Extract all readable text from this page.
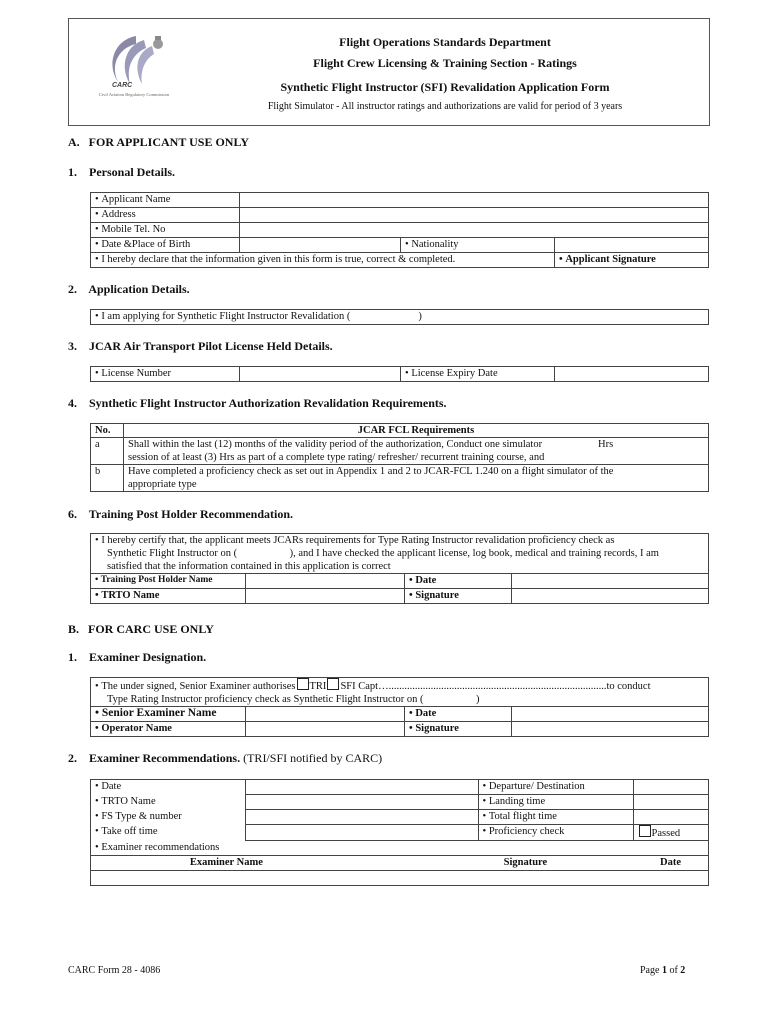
CARC
Civil Aviation Regulatory Commission
Flight Operations Standards Department
Flight Crew Licensing & Training Section - Ratings
Synthetic Flight Instructor (SFI) Revalidation Application Form
Flight Simulator - All instructor ratings and authorizations are valid for period of 3 years
A.   FOR APPLICANT USE ONLY
1.    Personal Details.
• Applicant Name	
• Address	
• Mobile Tel. No	
• Date &Place of Birth		• Nationality	
• I hereby declare that the information given in this form is true, correct & completed.			• Applicant Signature
2.    Application Details.
• I am applying for Synthetic Flight Instructor Revalidation (	)
3.    JCAR Air Transport Pilot License Held Details.
• License Number		•License Expiry Date	
4.    Synthetic Flight Instructor Authorization Revalidation Requirements.
No.	JCAR FCL Requirements	
a	Shall within the last (12) months of the validity period of the authorization, Conduct one simulator
session of at least (3) Hrs as part of a complete type rating/ refresher/ recurrent training course, and	Hrs
b	Have completed a proficiency check as set out in Appendix 1 and 2 to JCAR-FCL 1.240 on a flight simulator of the
appropriate type	
6.    Training Post Holder Recommendation.
• I hereby certify that, the applicant meets JCARs requirements for Type Rating Instructor revalidation proficiency check as
Synthetic Flight Instructor on (                    ), and I have checked the applicant license, log book, medical and training records, I am
satisfied that the information contained in this application is correct

• Training Post Holder Name		• Date	
• TRTO Name		• Signature	
B.   FOR CARC USE ONLY
1.    Examiner Designation.
• The under signed, Senior Examiner authorises TRI SFI Capt…...................................................................................to conduct
Type Rating Instructor proficiency check as Synthetic Flight Instructor on (                    )

• Senior Examiner Name		• Date	
• Operator Name		• Signature	
2.    Examiner Recommendations. (TRI/SFI notified by CARC)
• Date			• Departure/ Destination	
• TRTO Name			• Landing time	
• FS Type & number			• Total flight time	
• Take off time			• Proficiency check	Passed
• Examiner recommendations
Examiner Name		Signature		Date

CARC Form 28 - 4086	Page 1 of 2
